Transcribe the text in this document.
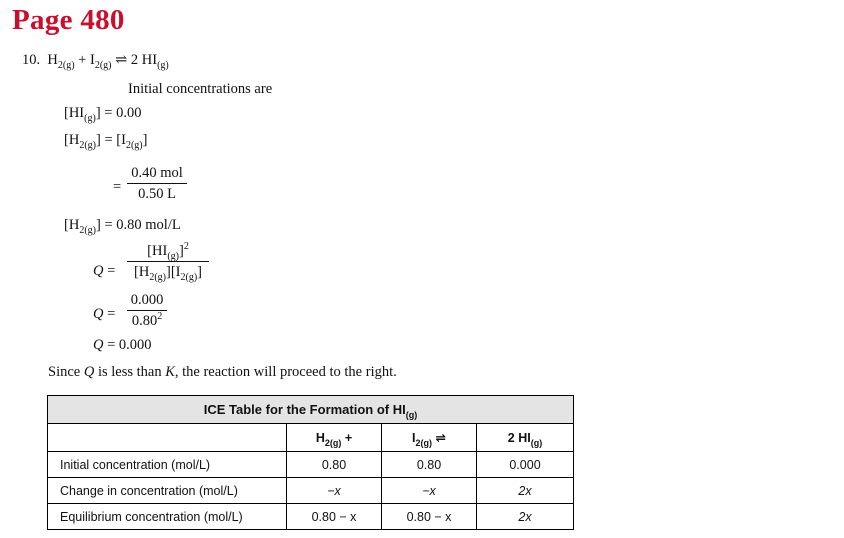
Page 480
10. $H_{2(g)} + I_{2(g)}$ ⇌ 2 $HI_{(g)}$
Initial concentrations are
$[HI_{(g)}] = 0.00$
$[H_{2(g)}] = [I_{2(g)}]$
=
0.40 mol
0.50 L
$[H_{2(g)}] = 0.80$ mol/L
Q =
$[HI_{(g)}]^2$
$[H_{2(g)}][I_{2(g)}]$
Q =
0.000
0.80$^2$
Q = 0.000
Since Q is less than K, the reaction will proceed to the right.
ICE Table for the Formation of $HI_{(g)}$
	$H_{2(g)}$ +	$I_{2(g)}$ ⇌	2 $HI_{(g)}$
Initial concentration (mol/L)	0.80	0.80	0.000
Change in concentration (mol/L)	−x	−x	2x
Equilibrium concentration (mol/L)	0.80 − x	0.80 − x	2x
